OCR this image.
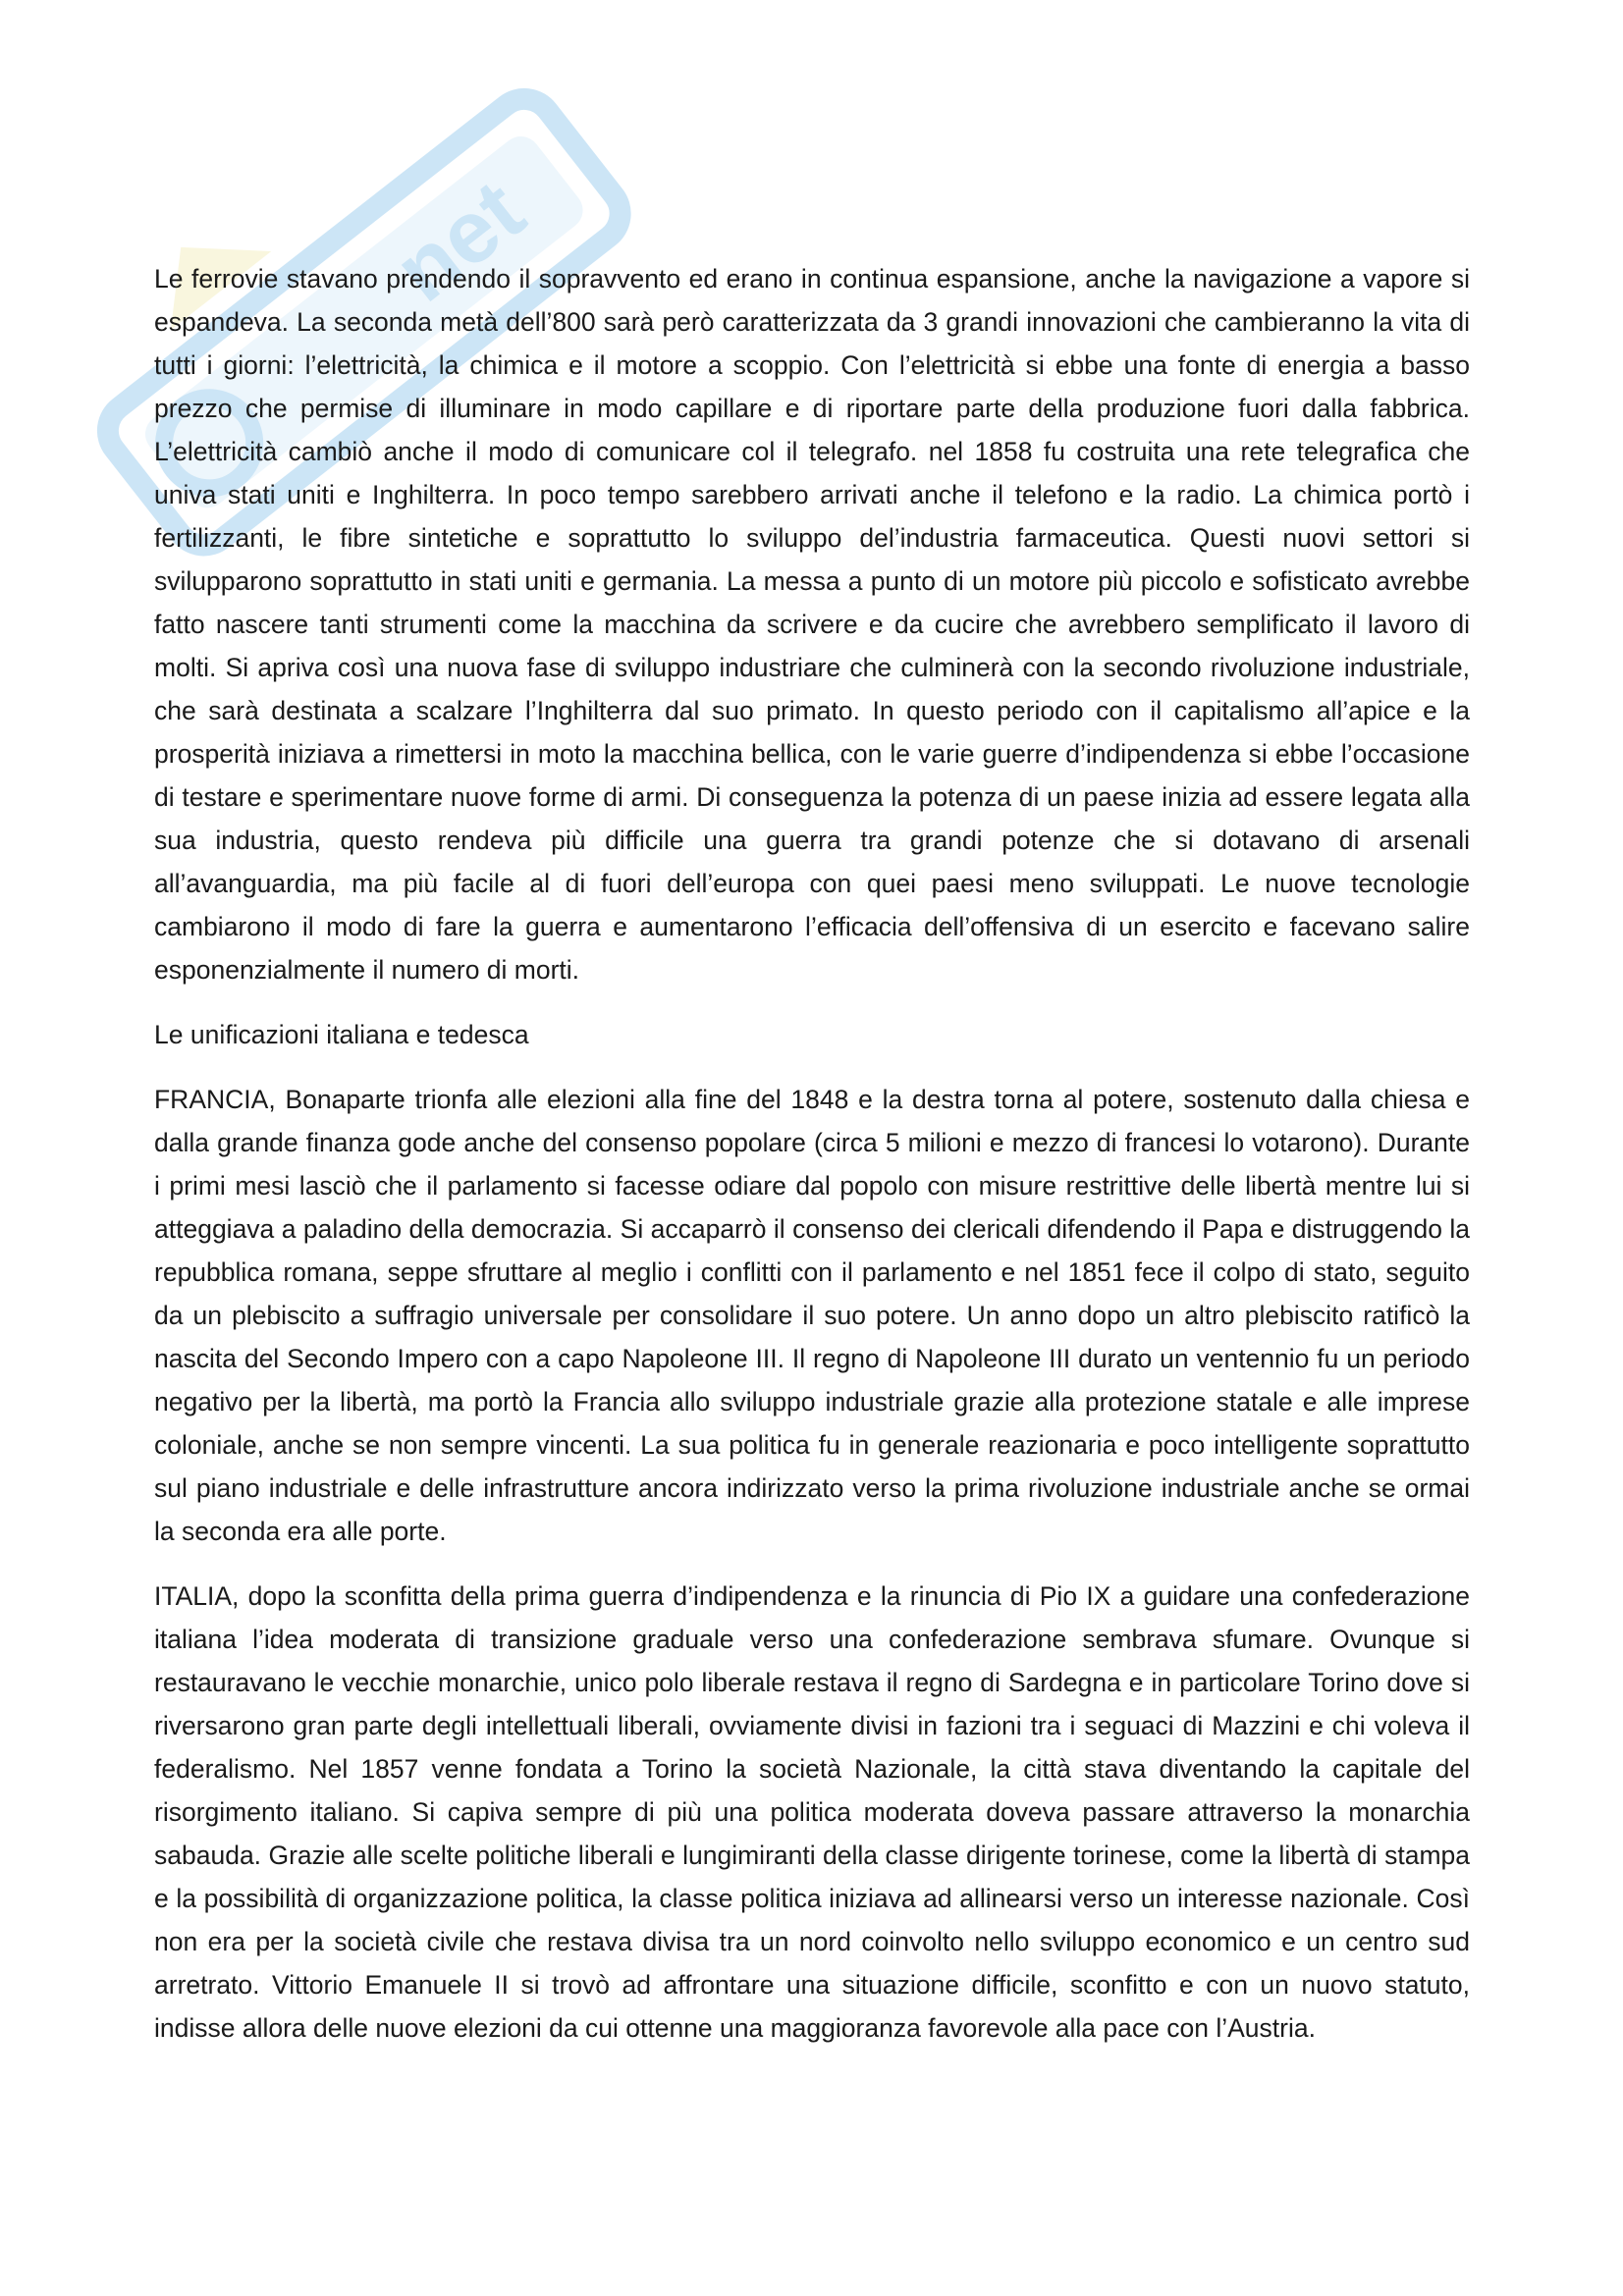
net

Le ferrovie stavano prendendo il sopravvento ed erano in continua espansione, anche la navigazione a vapore si espandeva. La seconda metà dell’800 sarà però caratterizzata da 3 grandi innovazioni che cambieranno la vita di tutti i giorni: l’elettricità, la chimica e il motore a scoppio. Con l’elettricità si ebbe una fonte di energia a basso prezzo che permise di illuminare in modo capillare e di riportare parte della produzione fuori dalla fabbrica. L’elettricità cambiò anche il modo di comunicare col il telegrafo. nel 1858 fu costruita una rete telegrafica che univa stati uniti e Inghilterra. In poco tempo sarebbero arrivati anche il telefono e la radio. La chimica portò i fertilizzanti, le fibre sintetiche e soprattutto lo sviluppo del’industria farmaceutica. Questi nuovi settori si svilupparono soprattutto in stati uniti e germania. La messa a punto di un motore più piccolo e sofisticato avrebbe fatto nascere tanti strumenti come la macchina da scrivere e da cucire che avrebbero semplificato il lavoro di molti. Si apriva così una nuova fase di sviluppo industriare che culminerà con la secondo rivoluzione industriale, che sarà destinata a scalzare l’Inghilterra dal suo primato. In questo periodo con il capitalismo all’apice e la prosperità iniziava a rimettersi in moto la macchina bellica, con le varie guerre d’indipendenza si ebbe l’occasione di testare e sperimentare nuove forme di armi. Di conseguenza la potenza di un paese inizia ad essere legata alla sua industria, questo rendeva più difficile una guerra tra grandi potenze che si dotavano di arsenali all’avanguardia, ma più facile al di fuori dell’europa con quei paesi meno sviluppati. Le nuove tecnologie cambiarono il modo di fare la guerra e aumentarono l’efficacia dell’offensiva di un esercito e facevano salire esponenzialmente il numero di morti.

Le unificazioni italiana e tedesca

FRANCIA, Bonaparte trionfa alle elezioni alla fine del 1848 e la destra torna al potere, sostenuto dalla chiesa e dalla grande finanza gode anche del consenso popolare (circa 5 milioni e mezzo di francesi lo votarono). Durante i primi mesi lasciò che il parlamento si facesse odiare dal popolo con misure restrittive delle libertà mentre lui si atteggiava a paladino della democrazia. Si accaparrò il consenso dei clericali difendendo il Papa e distruggendo la repubblica romana, seppe sfruttare al meglio i conflitti con il parlamento e nel 1851 fece il colpo di stato, seguito da un plebiscito a suffragio universale per consolidare il suo potere. Un anno dopo un altro plebiscito ratificò la nascita del Secondo Impero con a capo Napoleone III. Il regno di Napoleone III durato un ventennio fu un periodo negativo per la libertà, ma portò la Francia allo sviluppo industriale grazie alla protezione statale e alle imprese coloniale, anche se non sempre vincenti. La sua politica fu in generale reazionaria e poco intelligente soprattutto sul piano industriale e delle infrastrutture ancora indirizzato verso la prima rivoluzione industriale anche se ormai la seconda era alle porte.

ITALIA, dopo la sconfitta della prima guerra d’indipendenza e la rinuncia di Pio IX a guidare una confederazione italiana l’idea moderata di transizione graduale verso una confederazione sembrava sfumare. Ovunque si restauravano le vecchie monarchie, unico polo liberale restava il regno di Sardegna e in particolare Torino dove si riversarono gran parte degli intellettuali liberali, ovviamente divisi in fazioni tra i seguaci di Mazzini e chi voleva il federalismo. Nel 1857 venne fondata a Torino la società Nazionale, la città stava diventando la capitale del risorgimento italiano. Si capiva sempre di più una politica moderata doveva passare attraverso la monarchia sabauda. Grazie alle scelte politiche liberali e lungimiranti della classe dirigente torinese, come la libertà di stampa e la possibilità di organizzazione politica, la classe politica iniziava ad allinearsi verso un interesse nazionale. Così non era per la società civile che restava divisa tra un nord coinvolto nello sviluppo economico e un centro sud arretrato. Vittorio Emanuele II si trovò ad affrontare una situazione difficile, sconfitto e con un nuovo statuto, indisse allora delle nuove elezioni da cui ottenne una maggioranza favorevole alla pace con l’Austria.
